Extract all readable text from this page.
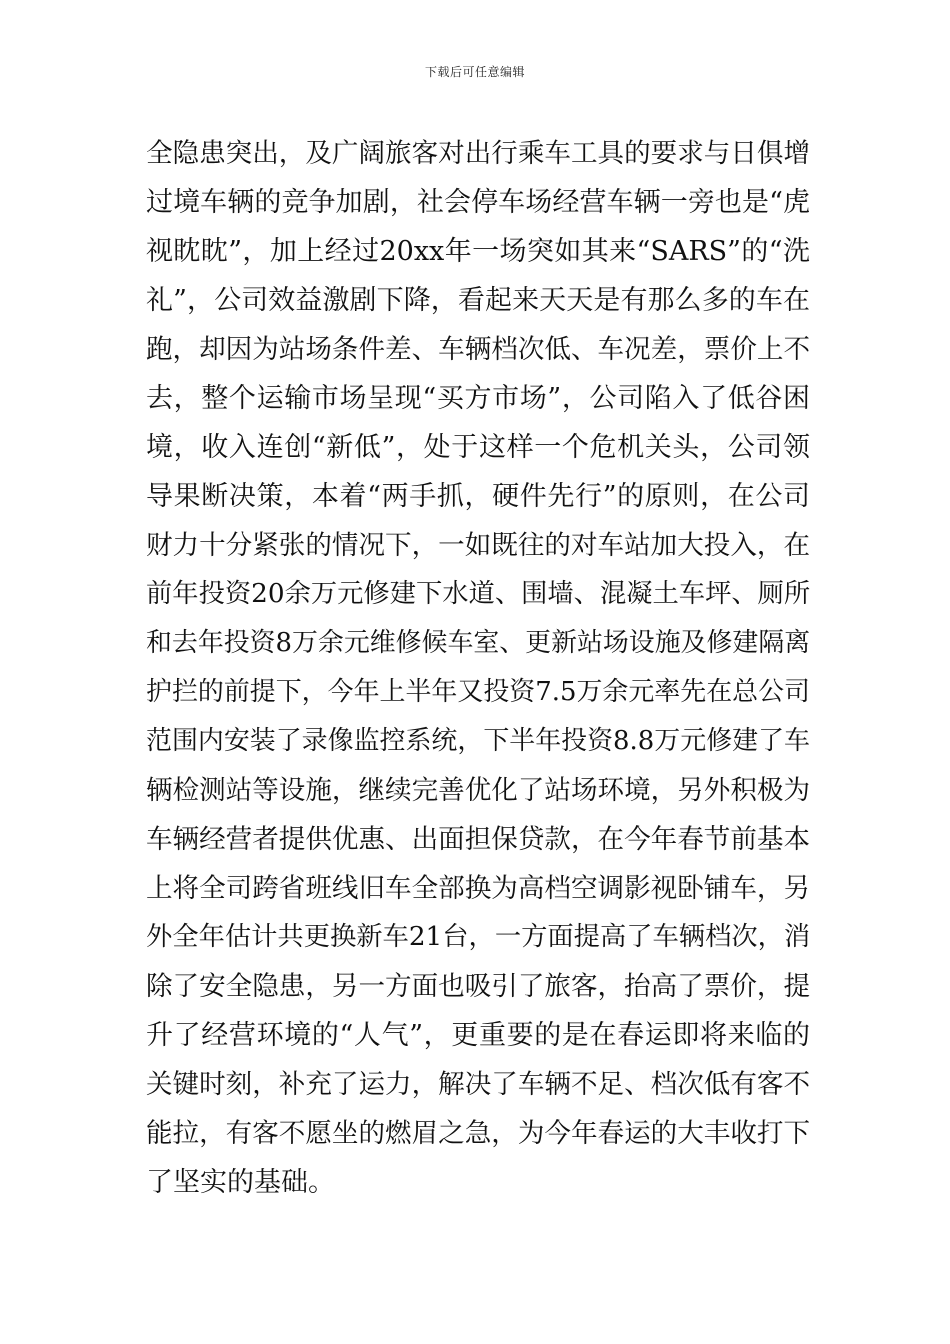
下载后可任意编辑
全隐患突出，及广阔旅客对出行乘车工具的要求与日俱增
过境车辆的竞争加剧，社会停车场经营车辆一旁也是“虎
视眈眈”，加上经过20xx年一场突如其来“SARS”的“洗
礼”，公司效益激剧下降，看起来天天是有那么多的车在
跑，却因为站场条件差、车辆档次低、车况差，票价上不
去，整个运输市场呈现“买方市场”，公司陷入了低谷困
境，收入连创“新低”，处于这样一个危机关头，公司领
导果断决策，本着“两手抓，硬件先行”的原则，在公司
财力十分紧张的情况下，一如既往的对车站加大投入，在
前年投资20余万元修建下水道、围墙、混凝土车坪、厕所
和去年投资8万余元维修候车室、更新站场设施及修建隔离
护拦的前提下，今年上半年又投资7.5万余元率先在总公司
范围内安装了录像监控系统，下半年投资8.8万元修建了车
辆检测站等设施，继续完善优化了站场环境，另外积极为
车辆经营者提供优惠、出面担保贷款，在今年春节前基本
上将全司跨省班线旧车全部换为高档空调影视卧铺车，另
外全年估计共更换新车21台，一方面提高了车辆档次，消
除了安全隐患，另一方面也吸引了旅客，抬高了票价，提
升了经营环境的“人气”，更重要的是在春运即将来临的
关键时刻，补充了运力，解决了车辆不足、档次低有客不
能拉，有客不愿坐的燃眉之急，为今年春运的大丰收打下
了坚实的基础。
